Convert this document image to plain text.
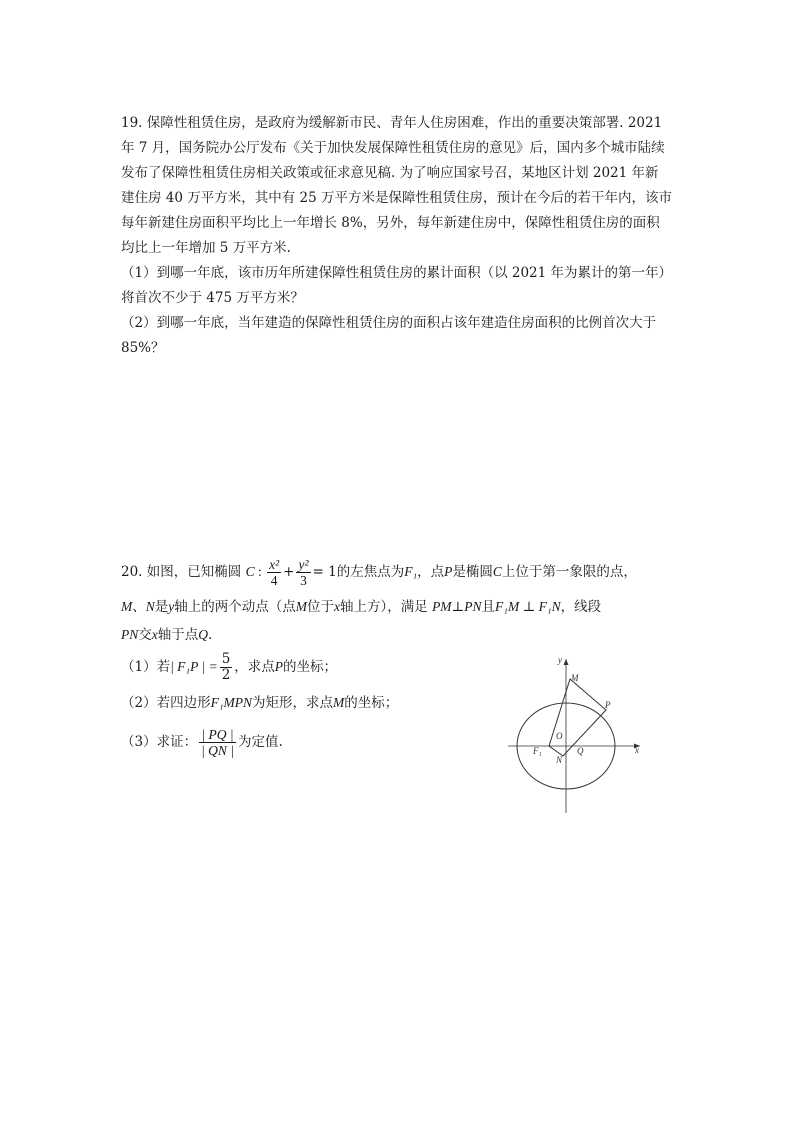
19. 保障性租赁住房，是政府为缓解新市民、青年人住房困难，作出的重要决策部署. 2021
年 7 月，国务院办公厅发布《关于加快发展保障性租赁住房的意见》后，国内多个城市陆续
发布了保障性租赁住房相关政策或征求意见稿. 为了响应国家号召，某地区计划 2021 年新
建住房 40 万平方米，其中有 25 万平方米是保障性租赁住房，预计在今后的若干年内，该市
每年新建住房面积平均比上一年增长 8%，另外，每年新建住房中，保障性租赁住房的面积
均比上一年增加 5 万平方米.
（1）到哪一年底，该市历年所建保障性租赁住房的累计面积（以 2021 年为累计的第一年）
将首次不少于 475 万平方米？
（2）到哪一年底，当年建造的保障性租赁住房的面积占该年建造住房面积的比例首次大于
85%？
20. 如图，已知椭圆 C : $\frac{\text{x²}}{4} + \frac{\text{y²}}{3} = 1$的左焦点为F₁，点P是椭圆C上位于第一象限的点，
M、N是y轴上的两个动点（点M位于x轴上方），满足 PM⊥PN且F₁M ⊥ F₁N，线段
PN交x轴于点Q.
（1）若| F₁P | = $\frac{5}{2}$ ，求点P的坐标；
（2）若四边形F₁MPN为矩形，求点M的坐标；
（3）求证： $\frac{| PQ |}{| QN |}$ 为定值.
y
x
M
P
O
F₁	Q
N
